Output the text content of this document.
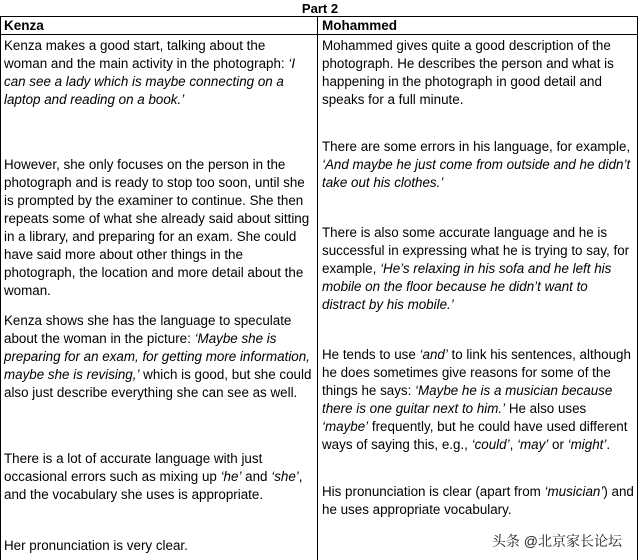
Part 2
Kenza	Mohammed
Kenza makes a good start, talking about the woman and the main activity in the photograph: ‘I can see a lady which is maybe connecting on a laptop and reading on a book.’
However, she only focuses on the person in the photograph and is ready to stop too soon, until she is prompted by the examiner to continue. She then repeats some of what she already said about sitting in a library, and preparing for an exam. She could have said more about other things in the photograph, the location and more detail about the woman.
Kenza shows she has the language to speculate about the woman in the picture: ‘Maybe she is preparing for an exam, for getting more information, maybe she is revising,’ which is good, but she could also just describe everything she can see as well.
There is a lot of accurate language with just occasional errors such as mixing up ‘he’ and ‘she’, and the vocabulary she uses is appropriate.
Her pronunciation is very clear.
Mohammed gives quite a good description of the photograph. He describes the person and what is happening in the photograph in good detail and speaks for a full minute.
There are some errors in his language, for example, ‘And maybe he just come from outside and he didn’t take out his clothes.’
There is also some accurate language and he is successful in expressing what he is trying to say, for example, ‘He’s relaxing in his sofa and he left his mobile on the floor because he didn’t want to distract by his mobile.’
He tends to use ‘and’ to link his sentences, although he does sometimes give reasons for some of the things he says: ‘Maybe he is a musician because there is one guitar next to him.’ He also uses ‘maybe’ frequently, but he could have used different ways of saying this, e.g., ‘could’, ‘may’ or ‘might’.
His pronunciation is clear (apart from ‘musician’) and he uses appropriate vocabulary.
头条 @北京家长论坛
